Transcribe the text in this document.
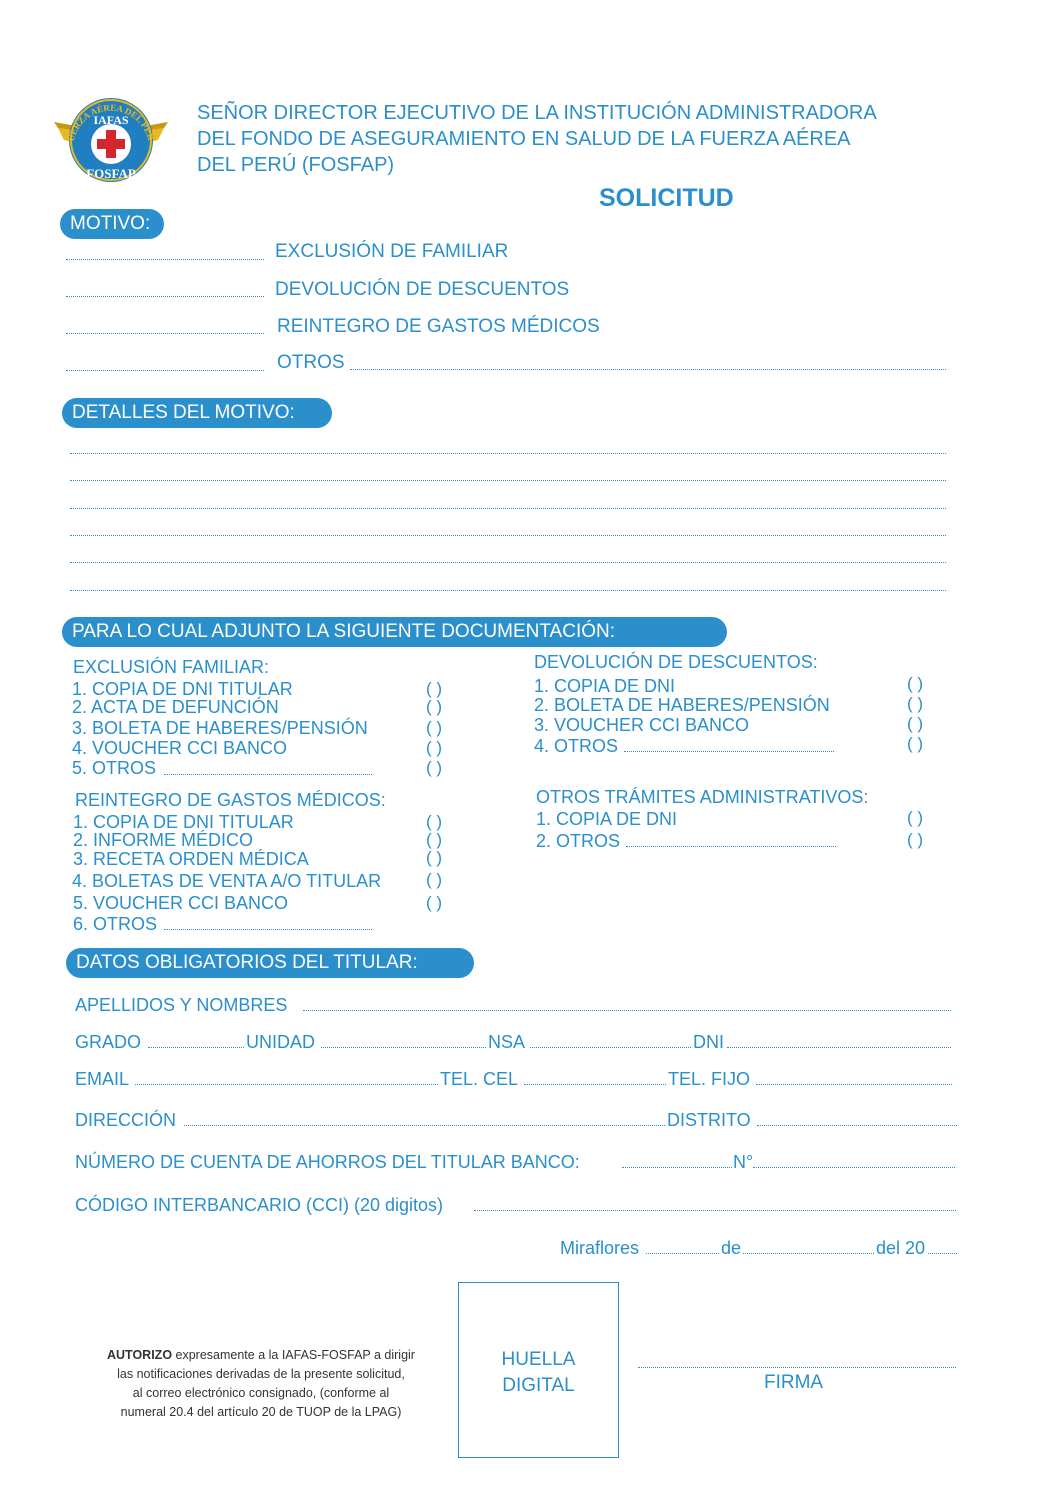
UERZA AÉREA DEL PER
IAFAS
FOSFAP
SEÑOR DIRECTOR EJECUTIVO DE LA INSTITUCIÓN ADMINISTRADORA
DEL FONDO DE ASEGURAMIENTO EN SALUD DE LA FUERZA AÉREA
DEL PERÚ (FOSFAP)
SOLICITUD
MOTIVO:
EXCLUSIÓN DE FAMILIAR
DEVOLUCIÓN DE DESCUENTOS
REINTEGRO DE GASTOS MÉDICOS
OTROS
DETALLES DEL MOTIVO:
PARA LO CUAL ADJUNTO LA SIGUIENTE DOCUMENTACIÓN:
EXCLUSIÓN FAMILIAR:
1. COPIA DE DNI TITULAR	( )
2. ACTA DE DEFUNCIÓN	( )
3. BOLETA DE HABERES/PENSIÓN	( )
4. VOUCHER CCI BANCO	( )
5. OTROS	( )
DEVOLUCIÓN DE DESCUENTOS:
1. COPIA DE DNI	( )
2. BOLETA DE HABERES/PENSIÓN	( )
3. VOUCHER CCI BANCO	( )
4. OTROS	( )
REINTEGRO DE GASTOS MÉDICOS:
1. COPIA DE DNI TITULAR	( )
2. INFORME MÉDICO	( )
3. RECETA ORDEN MÉDICA	( )
4. BOLETAS DE VENTA A/O TITULAR	( )
5. VOUCHER CCI BANCO	( )
6. OTROS
OTROS TRÁMITES ADMINISTRATIVOS:
1. COPIA DE DNI	( )
2. OTROS	( )
DATOS OBLIGATORIOS DEL TITULAR:
APELLIDOS Y NOMBRES
GRADO	UNIDAD	NSA	DNI
EMAIL	TEL. CEL	TEL. FIJO
DIRECCIÓN	DISTRITO
NÚMERO DE CUENTA DE AHORROS DEL TITULAR BANCO:	N°
CÓDIGO INTERBANCARIO (CCI) (20 digitos)
Miraflores	de	del 20
AUTORIZO expresamente a la IAFAS-FOSFAP a dirigir
las notificaciones derivadas de la presente solicitud,
al correo electrónico consignado, (conforme al
numeral 20.4 del artículo 20 de TUOP de la LPAG)
HUELLA
DIGITAL	FIRMA
